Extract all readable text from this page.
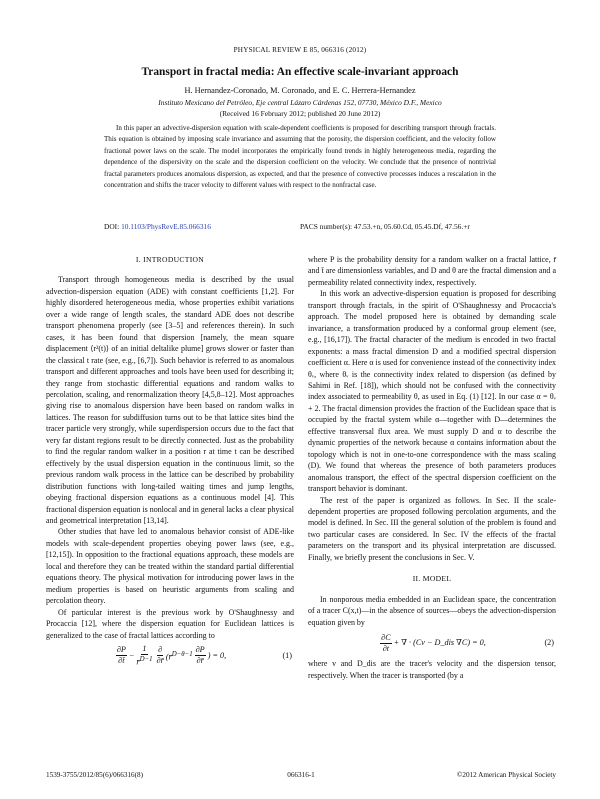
PHYSICAL REVIEW E 85, 066316 (2012)
Transport in fractal media: An effective scale-invariant approach
H. Hernandez-Coronado, M. Coronado, and E. C. Herrera-Hernandez
Instituto Mexicano del Petróleo, Eje central Lázaro Cárdenas 152, 07730, México D.F., Mexico
(Received 16 February 2012; published 20 June 2012)

In this paper an advective-dispersion equation with scale-dependent coefficients is proposed for describing transport through fractals. This equation is obtained by imposing scale invariance and assuming that the porosity, the dispersion coefficient, and the velocity follow fractional power laws on the scale. The model incorporates the empirically found trends in highly heterogeneous media, regarding the dependence of the dispersivity on the scale and the dispersion coefficient on the velocity. We conclude that the presence of nontrivial fractal parameters produces anomalous dispersion, as expected, and that the presence of convective processes induces a rescalation in the concentration and shifts the tracer velocity to different values with respect to the nonfractal case.

DOI: 10.1103/PhysRevE.85.066316	PACS number(s): 47.53.+n, 05.60.Cd, 05.45.Df, 47.56.+r
I. INTRODUCTION

Transport through homogeneous media is described by the usual advection-dispersion equation (ADE) with constant coefficients [1,2]. For highly disordered heterogeneous media, whose properties exhibit variations over a wide range of length scales, the standard ADE does not describe transport phenomena properly (see [3–5] and references therein). In such cases, it has been found that dispersion [namely, the mean square displacement ⟨r²(t)⟩ of an initial deltalike plume] grows slower or faster than the classical t rate (see, e.g., [6,7]). Such behavior is referred to as anomalous transport and different approaches and tools have been used for describing it; they range from stochastic differential equations and random walks to percolation, scaling, and renormalization theory [4,5,8–12]. Most approaches giving rise to anomalous dispersion have been based on random walks in lattices. The reason for subdiffusion turns out to be that lattice sites bind the tracer particle very strongly, while superdispersion occurs due to the fact that very far distant regions result to be directly connected. Just as the probability to find the regular random walker in a position r at time t can be described effectively by the usual dispersion equation in the continuous limit, so the previous random walk process in the lattice can be described by probability distribution functions with long-tailed waiting times and jump lengths, obeying fractional dispersion equations as a continuous model [4]. This fractional dispersion equation is nonlocal and in general lacks a clear physical and geometrical interpretation [13,14].

Other studies that have led to anomalous behavior consist of ADE-like models with scale-dependent properties obeying power laws (see, e.g., [12,15]). In opposition to the fractional equations approach, these models are local and therefore they can be treated within the standard partial differential equations theory. The physical motivation for introducing power laws in the medium properties is based on heuristic arguments from scaling and percolation theory.

Of particular interest is the previous work by O'Shaughnessy and Procaccia [12], where the dispersion equation for Euclidean lattices is generalized to the case of fractal lattices according to

$\frac{\partial P}{\partial t̄} - \frac{1}{r̄^{D-1}} \frac{\partial}{\partial r̄}$ (r̄$^{D-\theta-1}$ $\frac{\partial P}{\partial r̄}$ ) = 0,	(1)

where P is the probability density for a random walker on a fractal lattice, r̄ and t̄ are dimensionless variables, and D and θ are the fractal dimension and a permeability related connectivity index, respectively.

In this work an advective-dispersion equation is proposed for describing transport through fractals, in the spirit of O'Shaughnessy and Procaccia's approach. The model proposed here is obtained by demanding scale invariance, a transformation produced by a conformal group element (see, e.g., [16,17]). The fractal character of the medium is encoded in two fractal exponents: a mass fractal dimension D and a modified spectral dispersion coefficient α. Here α is used for convenience instead of the connectivity index θᵥ, where θᵥ is the connectivity index related to dispersion (as defined by Sahimi in Ref. [18]), which should not be confused with the connectivity index associated to permeability θ, as used in Eq. (1) [12]. In our case α = θᵥ + 2. The fractal dimension provides the fraction of the Euclidean space that is occupied by the fractal system while α—together with D—determines the effective transversal flux area. We must supply D and α to describe the dynamic properties of the network because α contains information about the topology which is not in one-to-one correspondence with the mass scaling (D). We found that whereas the presence of both parameters produces anomalous transport, the effect of the spectral dispersion coefficient on the transport behavior is dominant.

The rest of the paper is organized as follows. In Sec. II the scale-dependent properties are proposed following percolation arguments, and the model is defined. In Sec. III the general solution of the problem is found and two particular cases are considered. In Sec. IV the effects of the fractal parameters on the transport and its physical interpretation are discussed. Finally, we briefly present the conclusions in Sec. V.

II. MODEL

In nonporous media embedded in an Euclidean space, the concentration of a tracer C(x,t)—in the absence of sources—obeys the advection-dispersion equation given by

$\frac{\partial C}{\partial t}$ + ∇ · (Cv − D_dis ∇C) = 0,	(2)

where v and D_dis are the tracer's velocity and the dispersion tensor, respectively. When the tracer is transported (by a

1539-3755/2012/85(6)/066316(8)	066316-1	©2012 American Physical Society
